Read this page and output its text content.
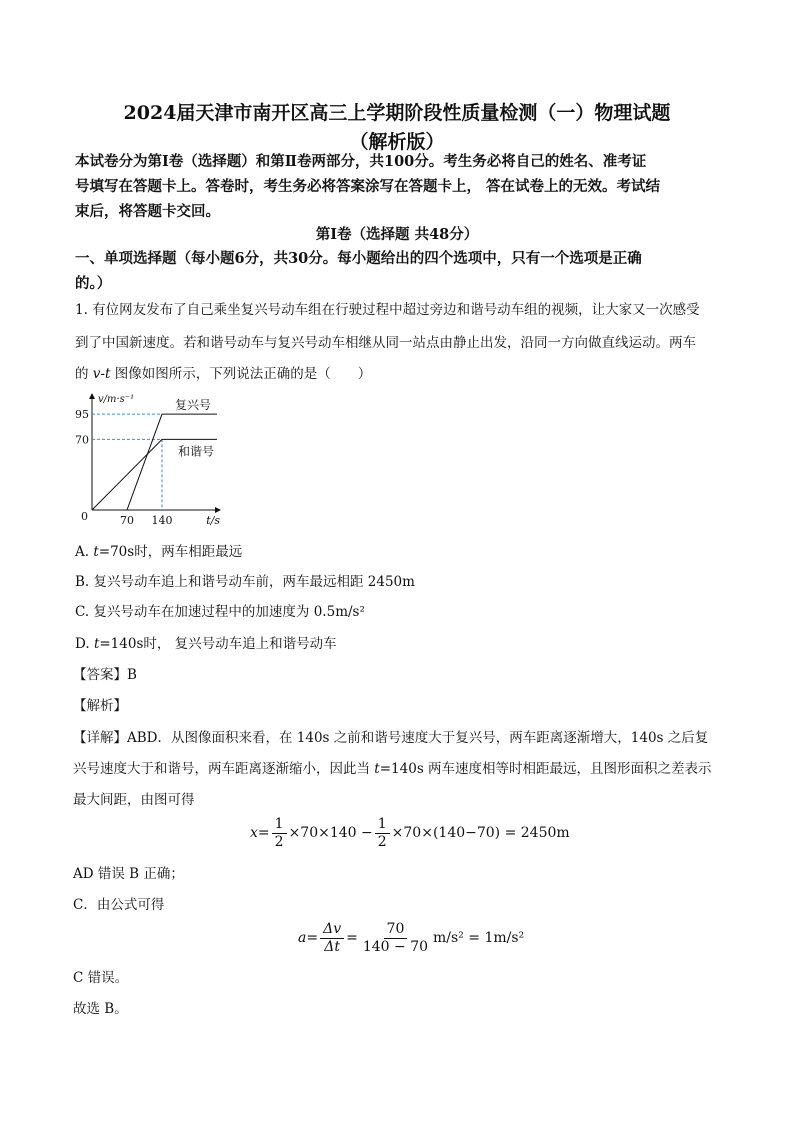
2024届天津市南开区高三上学期阶段性质量检测（一）物理试题
（解析版）
本试卷分为第Ⅰ卷（选择题）和第Ⅱ卷两部分，共100分。考生务必将自己的姓名、准考证
号填写在答题卡上。答卷时，考生务必将答案涂写在答题卡上， 答在试卷上的无效。考试结
束后，将答题卡交回。
第Ⅰ卷（选择题 共48分）
一、单项选择题（每小题6分，共30分。每小题给出的四个选项中，只有一个选项是正确
的。）
1. 有位网友发布了自己乘坐复兴号动车组在行驶过程中超过旁边和谐号动车组的视频，让大家又一次感受
到了中国新速度。若和谐号动车与复兴号动车相继从同一站点由静止出发，沿同一方向做直线运动。两车
的 v-t 图像如图所示，下列说法正确的是（　　）
95
70
0	70 140	t/s
v/m·s⁻¹	复兴号
和谐号
A. t=70s时，两车相距最远
B. 复兴号动车追上和谐号动车前，两车最远相距 2450m
C. 复兴号动车在加速过程中的加速度为 0.5m/s²
D. t=140s时， 复兴号动车追上和谐号动车
【答案】B
【解析】
【详解】ABD．从图像面积来看，在 140s 之前和谐号速度大于复兴号，两车距离逐渐增大，140s 之后复
兴号速度大于和谐号，两车距离逐渐缩小，因此当 t=140s 两车速度相等时相距最远，且图形面积之差表示
最大间距，由图可得
$x = \frac{1}{2} \times 70\times 140 - \frac{1}{2} \times 70\times(140-70) = 2450m$
AD 错误 B 正确；
C．由公式可得
$a = \frac{\Delta v}{\Delta t} = \frac{70}{140 - 70} m/s^2 = 1m/s^2$
C 错误。
故选 B。
